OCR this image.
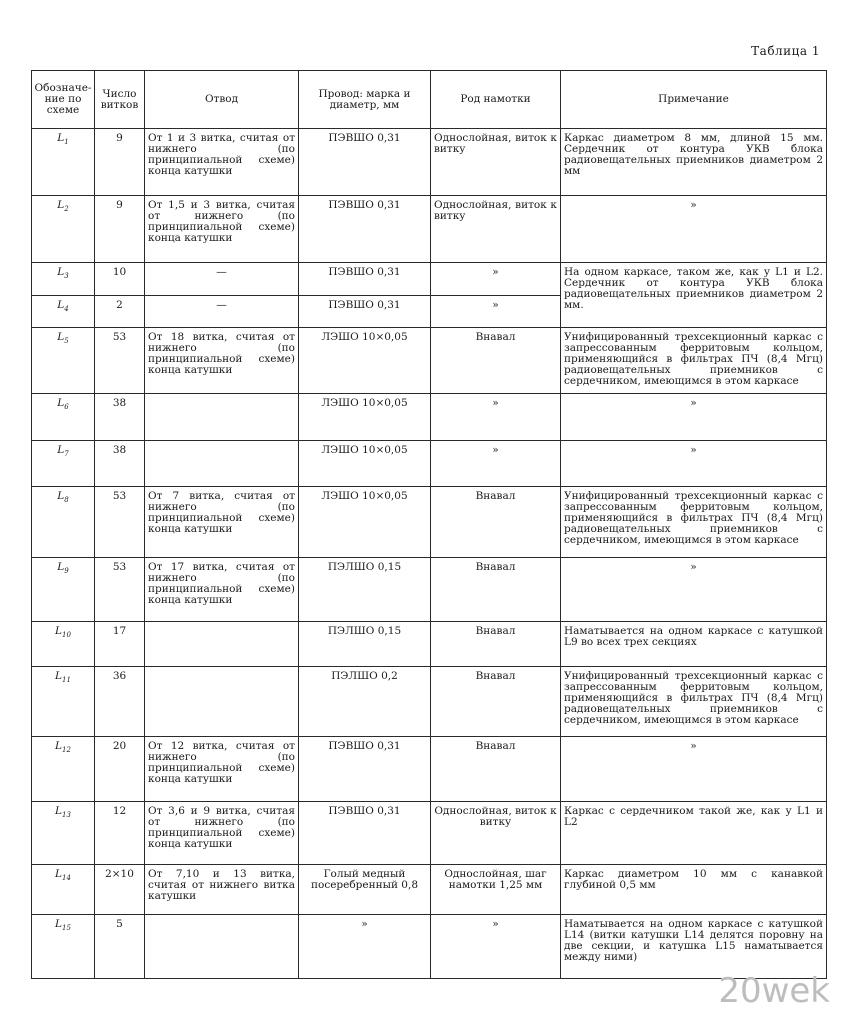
Таблица 1
Обозначе-ние по схеме	Число витков	Отвод	Провод: марка и диаметр, мм	Род намотки	Примечание
$L_1$	9	От 1 и 3 витка, считая от нижнего (по принципиальной схеме) конца катушки	ПЭВШО 0,31	Однослойная, виток к витку	Каркас диаметром 8 мм, длиной 15 мм. Сердечник от контура УКВ блока радиовещательных приемников диаметром 2 мм
$L_2$	9	От 1,5 и 3 витка, считая от нижнего (по принципиальной схеме) конца катушки	ПЭВШО 0,31	Однослойная, виток к витку	»
$L_3$	10	—	ПЭВШО 0,31	»	На одном каркасе, таком же, как у L1 и L2. Сердечник от контура УКВ блока радиовещательных приемников диаметром 2 мм.
$L_4$	2	—	ПЭВШО 0,31	»	
$L_5$	53	От 18 витка, считая от нижнего (по принципиальной схеме) конца катушки	ЛЭШО 10×0,05	Внавал	Унифицированный трехсекционный каркас с запрессованным ферритовым кольцом, применяющийся в фильтрах ПЧ (8,4 Мгц) радиовещательных приемников с сердечником, имеющимся в этом каркасе
$L_6$	38		ЛЭШО 10×0,05	»	»
$L_7$	38		ЛЭШО 10×0,05	»	»
$L_8$	53	От 7 витка, считая от нижнего (по принципиальной схеме) конца катушки	ЛЭШО 10×0,05	Внавал	Унифицированный трехсекционный каркас с запрессованным ферритовым кольцом, применяющийся в фильтрах ПЧ (8,4 Мгц) радиовещательных приемников с сердечником, имеющимся в этом каркасе
$L_9$	53	От 17 витка, считая от нижнего (по принципиальной схеме) конца катушки	ПЭЛШО 0,15	Внавал	»
$L_{10}$	17		ПЭЛШО 0,15	Внавал	Наматывается на одном каркасе с катушкой L9 во всех трех секциях
$L_{11}$	36		ПЭЛШО 0,2	Внавал	Унифицированный трехсекционный каркас с запрессованным ферритовым кольцом, применяющийся в фильтрах ПЧ (8,4 Мгц) радиовещательных приемников с сердечником, имеющимся в этом каркасе
$L_{12}$	20	От 12 витка, считая от нижнего (по принципиальной схеме) конца катушки	ПЭВШО 0,31	Внавал	»
$L_{13}$	12	От 3,6 и 9 витка, считая от нижнего (по принципиальной схеме) конца катушки	ПЭВШО 0,31	Однослойная, виток к витку	Каркас с сердечником такой же, как у L1 и L2
$L_{14}$	2×10	От 7,10 и 13 витка, считая от нижнего витка катушки	Голый медный посеребренный 0,8	Однослойная, шаг намотки 1,25 мм	Каркас диаметром 10 мм с канавкой глубиной 0,5 мм
$L_{15}$	5		»	»	Наматывается на одном каркасе с катушкой L14 (витки катушки L14 делятся поровну на две секции, и катушка L15 наматывается между ними)
20wek
